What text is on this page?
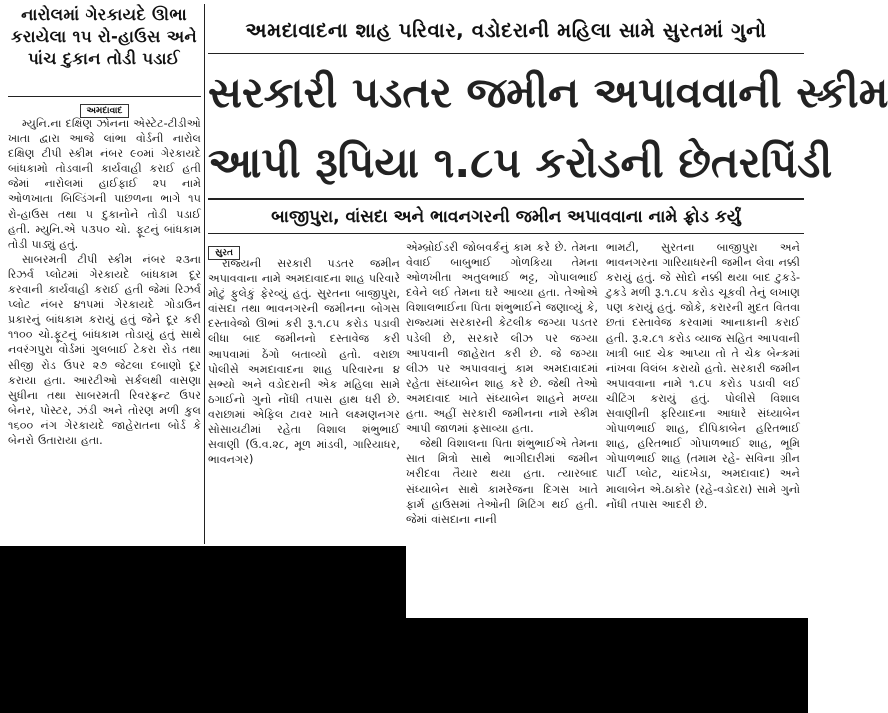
નારોલમાં ગેરકાયદે ઊભા કરાયેલા ૧૫ રો-હાઉસ અને પાંચ દુકાન તોડી પડાઈ
અમદાવાદ

મ્યુનિ.ના દક્ષિણ ઝોનના એસ્ટેટ-ટીડીઓ ખાતા દ્વારા આજે લાંભા વોર્ડની નારોલ દક્ષિણ ટીપી સ્કીમ નંબર ૯૦માં ગેરકાયદે બાંધકામો તોડવાની કાર્યવાહી કરાઈ હતી જેમાં નારોલમાં હાઈફાઈ ૨૫ નામે ઓળખાતા બિલ્ડિંગની પાછળના ભાગે ૧૫ રો-હાઉસ તથા ૫ દુકાનોને તોડી પડાઈ હતી. મ્યુનિ.એ ૫૩૫૦ ચો. ફૂટનું બાંધકામ તોડી પાડ્યું હતું.

સાબરમતી ટીપી સ્કીમ નંબર ૨૩ના રિઝર્વ પ્લોટમાં ગેરકાયદે બાંધકામ દૂર કરવાની કાર્યવાહી કરાઈ હતી જેમાં રિઝર્વ પ્લોટ નંબર ૪૧૫માં ગેરકાયદે ગોડાઉન પ્રકારનું બાંધકામ કરાયું હતું જેને દૂર કરી ૧૧૦૦ ચો.ફૂટનું બાંધકામ તોડાયું હતું સાથે નવરંગપુરા વોર્ડમાં ગુલબાઈ ટેકરા રોડ તથા સીજી રોડ ઉપર ૨૭ જેટલા દબાણો દૂર કરાયા હતા. આરટીઓ સર્કલથી વાસણા સુધીના તથા સાબરમતી રિવરફ્રન્ટ ઉપર બેનર, પોસ્ટર, ઝંડી અને તોરણ મળી કુલ ૧૬૦૦ નંગ ગેરકાયદે જાહેરાતના બોર્ડ કે બેનરો ઉતારાયા હતા.

અમદાવાદના શાહ પરિવાર, વડોદરાની મહિલા સામે સુરતમાં ગુનો
સરકારી પડતર જમીન અપાવવાની સ્કીમ
આપી રૂપિયા ૧.૮૫ કરોડની છેતરપિંડી
બાજીપુરા, વાંસદા અને ભાવનગરની જમીન અપાવવાના નામે ફ્રોડ કર્યું
સુરત

રાજ્યની સરકારી પડતર જમીન અપાવવાના નામે અમદાવાદના શાહ પરિવારે મોટું ફુલેકું ફેરવ્યું હતું. સુરતના બાજીપુરા, વાંસદા તથા ભાવનગરની જમીનના બોગસ દસ્તાવેજો ઊભાં કરી રૂ.૧.૮૫ કરોડ પડાવી લીધા બાદ જમીનનો દસ્તાવેજ કરી આપવામાં ઠેંગો બતાવ્યો હતો. વરાછા પોલીસે અમદાવાદના શાહ પરિવારના ૪ સભ્યો અને વડોદરાની એક મહિલા સામે ઠગાઈનો ગુનો નોંધી તપાસ હાથ ધરી છે. વરાછામાં એફિલ ટાવર ખાતે લક્ષ્મણનગર સોસાયટીમાં રહેતા વિશાલ શંભુભાઈ સવાણી (ઉ.વ.૨૮, મૂળ માંડવી, ગારિયાધર, ભાવનગર)

એમ્બ્રોઈડરી જોબવર્કનું કામ કરે છે. તેમના વેવાઈ બાબુભાઈ ગોળકિયા તેમના ઓળખીતા અતુલભાઈ ભટ્ટ, ગોપાલભાઈ દવેને લઈ તેમના ઘરે આવ્યા હતા. તેઓએ વિશાલભાઈના પિતા શંભુભાઈને જણાવ્યું કે, રાજ્યમાં સરકારની કેટલીક જગ્યા પડતર પડેલી છે, સરકારે લીઝ પર જગ્યા આપવાની જાહેરાત કરી છે. જે જગ્યા લીઝ પર અપાવવાનું કામ અમદાવાદમાં રહેતા સંધ્યાબેન શાહ કરે છે. જેથી તેઓ અમદાવાદ ખાતે સંધ્યાબેન શાહને મળ્યા હતા. અહીં સરકારી જમીનના નામે સ્કીમ આપી જાળમાં ફસાવ્યા હતા.

જેથી વિશાલના પિતા શંભુભાઈએ તેમના સાત મિત્રો સાથે ભાગીદારીમાં જમીન ખરીદવા તૈયાર થયા હતા. ત્યારબાદ સંધ્યાબેન સાથે કામરેજના દિગસ ખાતે ફાર્મ હાઉસમાં તેઓની મિટિંગ થઈ હતી. જેમાં વાંસદાના નાની

ભામટી, સુરતના બાજીપુરા અને ભાવનગરના ગારિયાધરની જમીન લેવા નક્કી કરાયું હતું. જે સોદો નક્કી થયા બાદ ટુકડે-ટુકડે મળી રૂ.૧.૮૫ કરોડ ચૂકવી તેનું લખાણ પણ કરાયું હતું. જોકે, કરારની મુદત વિતવા છતાં દસ્તાવેજ કરવામાં આનાકાની કરાઈ હતી. રૂ.૨.૮૧ કરોડ વ્યાજ સહિત આપવાની ખાત્રી બાદ ચેક આપ્યા તો તે ચેક બેન્કમાં નાંખવા વિલંબ કરાયો હતો. સરકારી જમીન અપાવવાના નામે ૧.૮૫ કરોડ પડાવી લઈ ચીટિંગ કરાયું હતું. પોલીસે વિશાલ સવાણીની ફરિયાદના આધારે સંધ્યાબેન ગોપાળભાઈ શાહ, દીપિકાબેન હરિતભાઈ શાહ, હરિતભાઈ ગોપાળભાઈ શાહ, ભૂમિ ગોપાળભાઈ શાહ (તમામ રહે- સવિના ગ્રીન પાર્ટી પ્લોટ, ચાંદખેડા, અમદાવાદ) અને માલાબેન એ.ઠાકોર (રહે-વડોદરા) સામે ગુનો નોંધી તપાસ આદરી છે.
